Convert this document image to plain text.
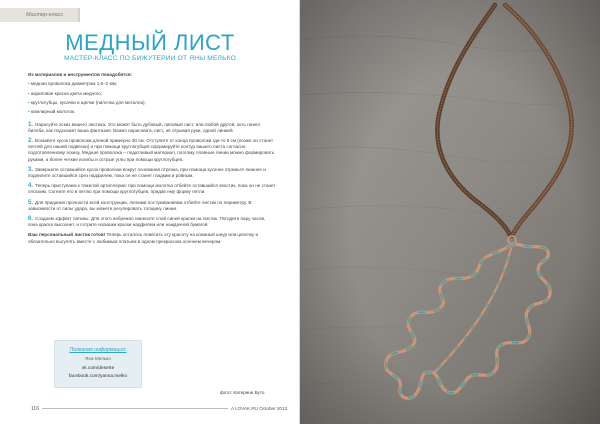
Мастер-класс
МЕДНЫЙ ЛИСТ
МАСТЕР-КЛАСС ПО БИЖУТЕРИИ ОТ ЯНЫ МЕЛЬКО
Из материалов и инструментов понадобятся:
• медная проволока диаметром 1,5–2 мм;
• акриловая краска цвета медного;
• круглогубцы, кусачки и щёлки (пилочка для металла);
• ювелирный молоток.
1. Нарисуйте эскиз вашего листика. Это может быть дубовый, липовый лист, или любой другой, хоть гинкго билоба, как подскажет ваша фантазия. Важно нарисовать лист, не отрывая руки, одной линией.
2. Возьмите кусок проволоки длиной примерно 30 см. Отступите от конца проволоки где-то 5 см (позже он станет петлей для нашей подвески) и при помощи круглогубцев сформируйте контур вашего листа согласно подготовленному эскизу. Медная проволока – податливый материал, поэтому плавные линии можно формировать руками, а более четкие изгибы и острые углы при помощи круглогубцев.
3. Завершите оставшийся кусок проволоки вокруг основания отрезка, при помощи кусачек отрежьте лишнее и подпилите оставшийся срез надфилем, пока он не станет гладким и ровным.
4. Теперь приступаем к тяжелой артиллерии: при помощи молотка отбейте оставшийся хвостик, пока он не станет плоским. Согните его в петлю при помощи круглогубцев, придав ему форму петли.
5. Для придания прочности всей конструкции, легкими постукиваниями отбейте листик по периметру. В зависимости от силы удара, вы можете регулировать толщину линии.
6. Создаем эффект патины. Для этого небрежно нанесите слой синей краски на листик. Погодите пару часов, пока краска высохнет, и сотрите излишки краски надфилем или наждачной бумагой.
Ваш персональный листик готов! Теперь осталось повесить эту красоту на кожаный шнур или цепочку и обязательно выгулять вместе с любимым платьем в одном прекрасном осеннем вечером.
Полезная информация:
Яна Мелько
vk.com/deserte
facebook.com/yanna.melko
фото: Катерина Буто
116	A LOVAK.RU October 2013
